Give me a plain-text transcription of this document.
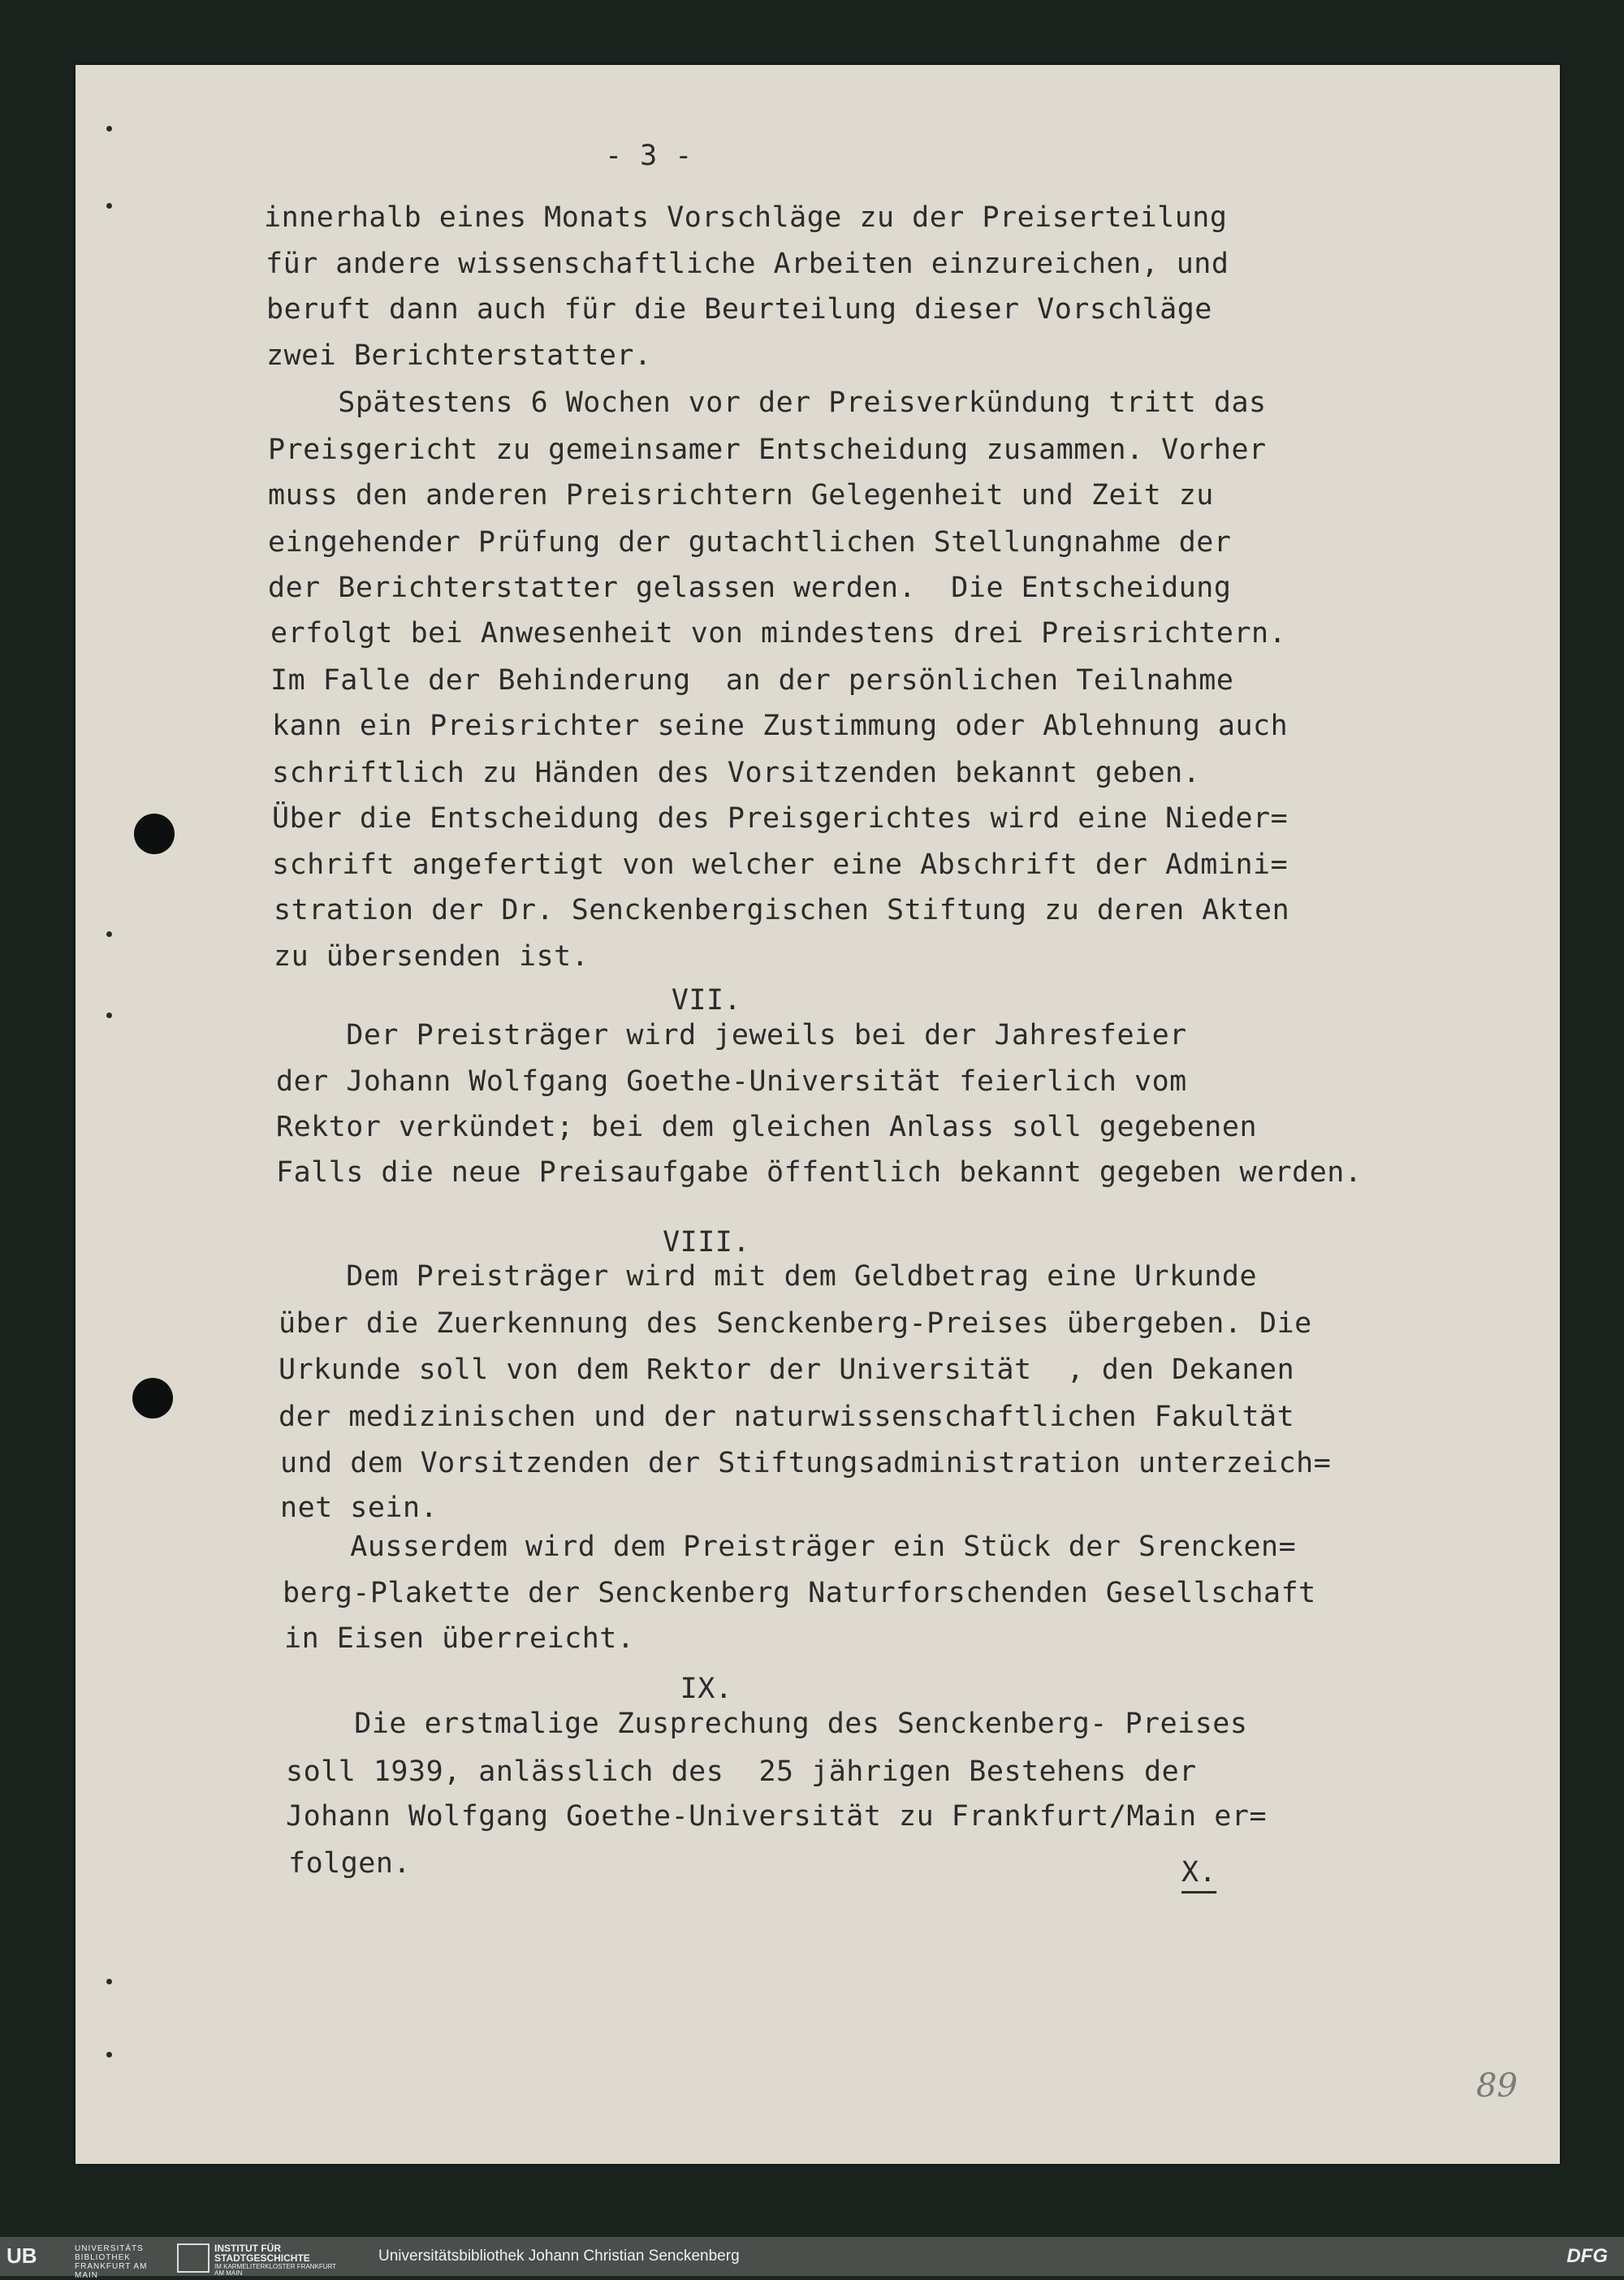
- 3 -
innerhalb eines Monats Vorschläge zu der Preiserteilung
für andere wissenschaftliche Arbeiten einzureichen, und
beruft dann auch für die Beurteilung dieser Vorschläge
zwei Berichterstatter.
Spätestens 6 Wochen vor der Preisverkündung tritt das
Preisgericht zu gemeinsamer Entscheidung zusammen. Vorher
muss den anderen Preisrichtern Gelegenheit und Zeit zu
eingehender Prüfung der gutachtlichen Stellungnahme der
der Berichterstatter gelassen werden.  Die Entscheidung
erfolgt bei Anwesenheit von mindestens drei Preisrichtern.
Im Falle der Behinderung  an der persönlichen Teilnahme
kann ein Preisrichter seine Zustimmung oder Ablehnung auch
schriftlich zu Händen des Vorsitzenden bekannt geben.
Über die Entscheidung des Preisgerichtes wird eine Nieder=
schrift angefertigt von welcher eine Abschrift der Admini=
stration der Dr. Senckenbergischen Stiftung zu deren Akten
zu übersenden ist.
VII.
Der Preisträger wird jeweils bei der Jahresfeier
der Johann Wolfgang Goethe-Universität feierlich vom
Rektor verkündet; bei dem gleichen Anlass soll gegebenen
Falls die neue Preisaufgabe öffentlich bekannt gegeben werden.
VIII.
Dem Preisträger wird mit dem Geldbetrag eine Urkunde
über die Zuerkennung des Senckenberg-Preises übergeben. Die
Urkunde soll von dem Rektor der Universität  , den Dekanen
der medizinischen und der naturwissenschaftlichen Fakultät
und dem Vorsitzenden der Stiftungsadministration unterzeich=
net sein.
Ausserdem wird dem Preisträger ein Stück der Srencken=
berg-Plakette der Senckenberg Naturforschenden Gesellschaft
in Eisen überreicht.
IX.
Die erstmalige Zusprechung des Senckenberg- Preises
soll 1939, anlässlich des  25 jährigen Bestehens der
Johann Wolfgang Goethe-Universität zu Frankfurt/Main er=
folgen.	X.
89
UB	UNIVERSITÄTS BIBLIOTHEK FRANKFURT AM MAIN
INSTITUT FÜR STADTGESCHICHTE
IM KARMELITERKLOSTER FRANKFURT AM MAIN
Universitätsbibliothek Johann Christian Senckenberg	DFG
